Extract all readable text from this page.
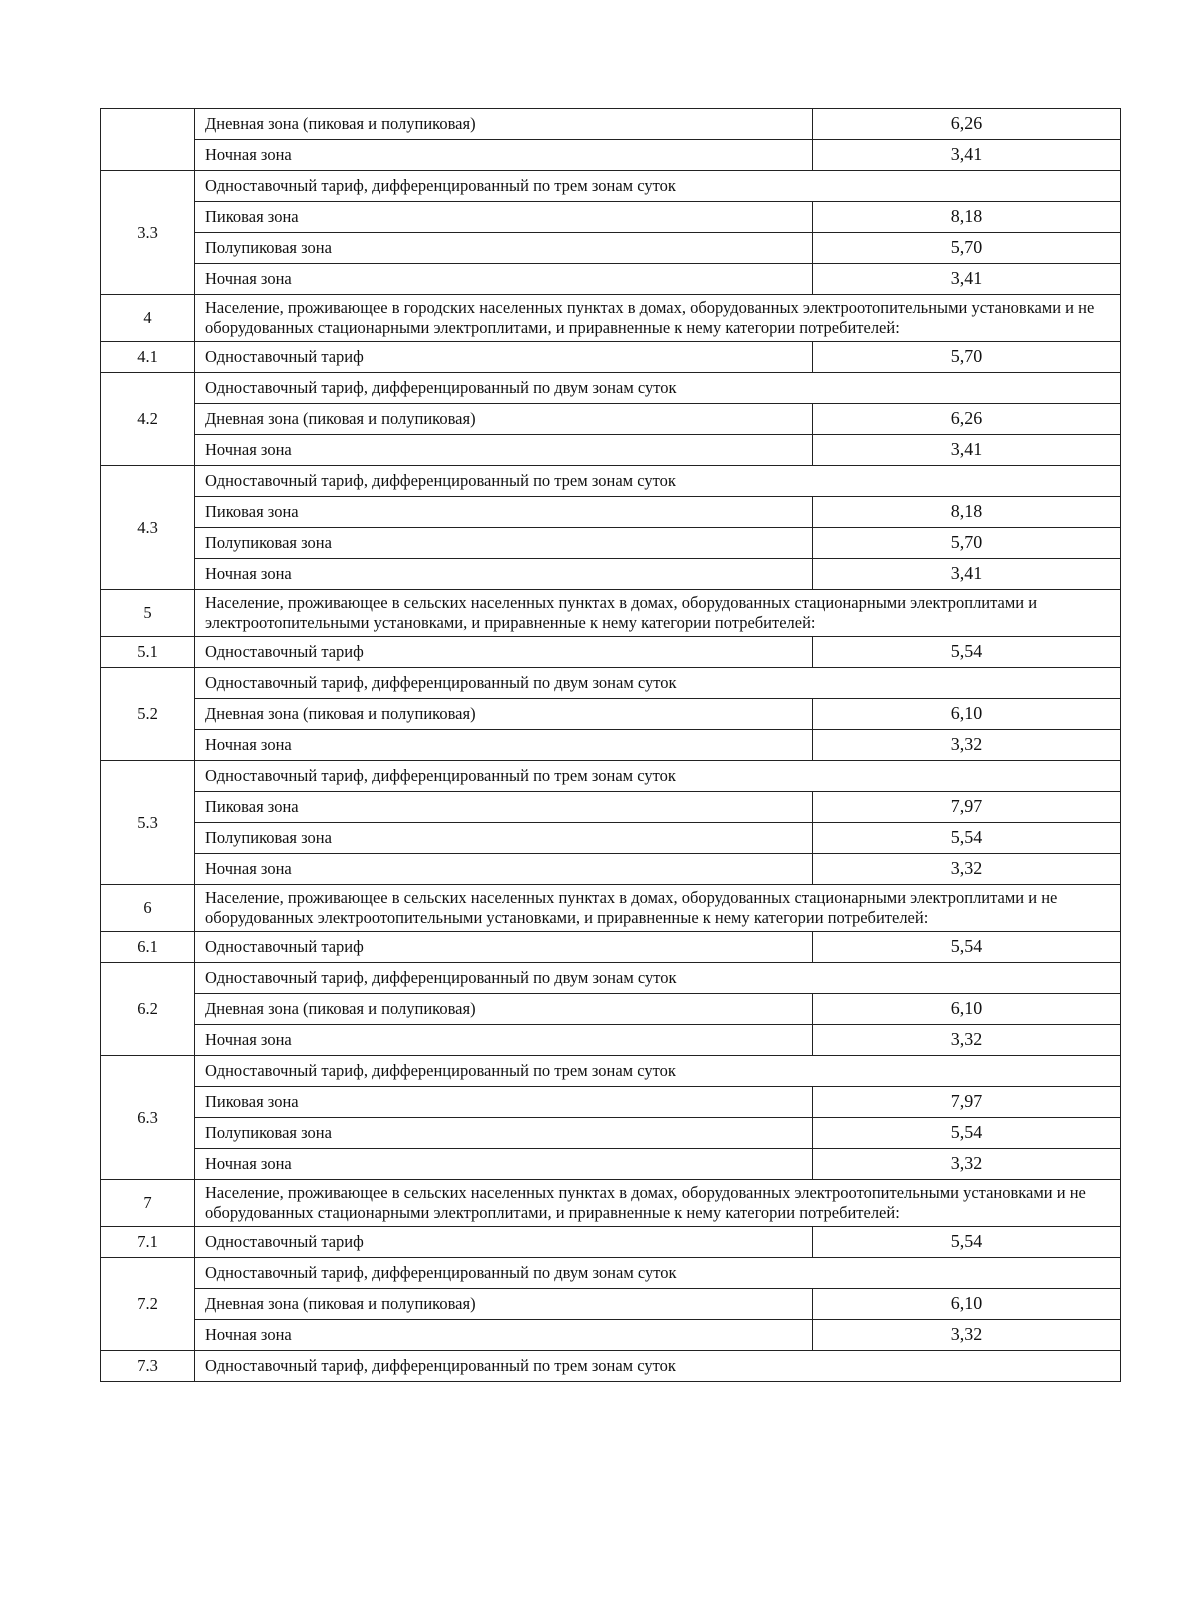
	Дневная зона (пиковая и полупиковая)	6,26
	Ночная зона	3,41
3.3	Одноставочный тариф, дифференцированный по трем зонам суток	
	Пиковая зона	8,18
	Полупиковая зона	5,70
	Ночная зона	3,41
4	Население, проживающее в городских населенных пунктах в домах, оборудованных электроотопительными установками и не оборудованных стационарными электроплитами, и приравненные к нему категории потребителей:	
4.1	Одноставочный тариф	5,70
4.2	Одноставочный тариф, дифференцированный по двум зонам суток	
	Дневная зона (пиковая и полупиковая)	6,26
	Ночная зона	3,41
4.3	Одноставочный тариф, дифференцированный по трем зонам суток	
	Пиковая зона	8,18
	Полупиковая зона	5,70
	Ночная зона	3,41
5	Население, проживающее в сельских населенных пунктах в домах, оборудованных стационарными электроплитами и электроотопительными установками, и приравненные к нему категории потребителей:	
5.1	Одноставочный тариф	5,54
5.2	Одноставочный тариф, дифференцированный по двум зонам суток	
	Дневная зона (пиковая и полупиковая)	6,10
	Ночная зона	3,32
5.3	Одноставочный тариф, дифференцированный по трем зонам суток	
	Пиковая зона	7,97
	Полупиковая зона	5,54
	Ночная зона	3,32
6	Население, проживающее в сельских населенных пунктах в домах, оборудованных стационарными электроплитами и не оборудованных электроотопительными установками, и приравненные к нему категории потребителей:	
6.1	Одноставочный тариф	5,54
6.2	Одноставочный тариф, дифференцированный по двум зонам суток	
	Дневная зона (пиковая и полупиковая)	6,10
	Ночная зона	3,32
6.3	Одноставочный тариф, дифференцированный по трем зонам суток	
	Пиковая зона	7,97
	Полупиковая зона	5,54
	Ночная зона	3,32
7	Население, проживающее в сельских населенных пунктах в домах, оборудованных электроотопительными установками и не оборудованных стационарными электроплитами, и приравненные к нему категории потребителей:	
7.1	Одноставочный тариф	5,54
7.2	Одноставочный тариф, дифференцированный по двум зонам суток	
	Дневная зона (пиковая и полупиковая)	6,10
	Ночная зона	3,32
7.3	Одноставочный тариф, дифференцированный по трем зонам суток	
